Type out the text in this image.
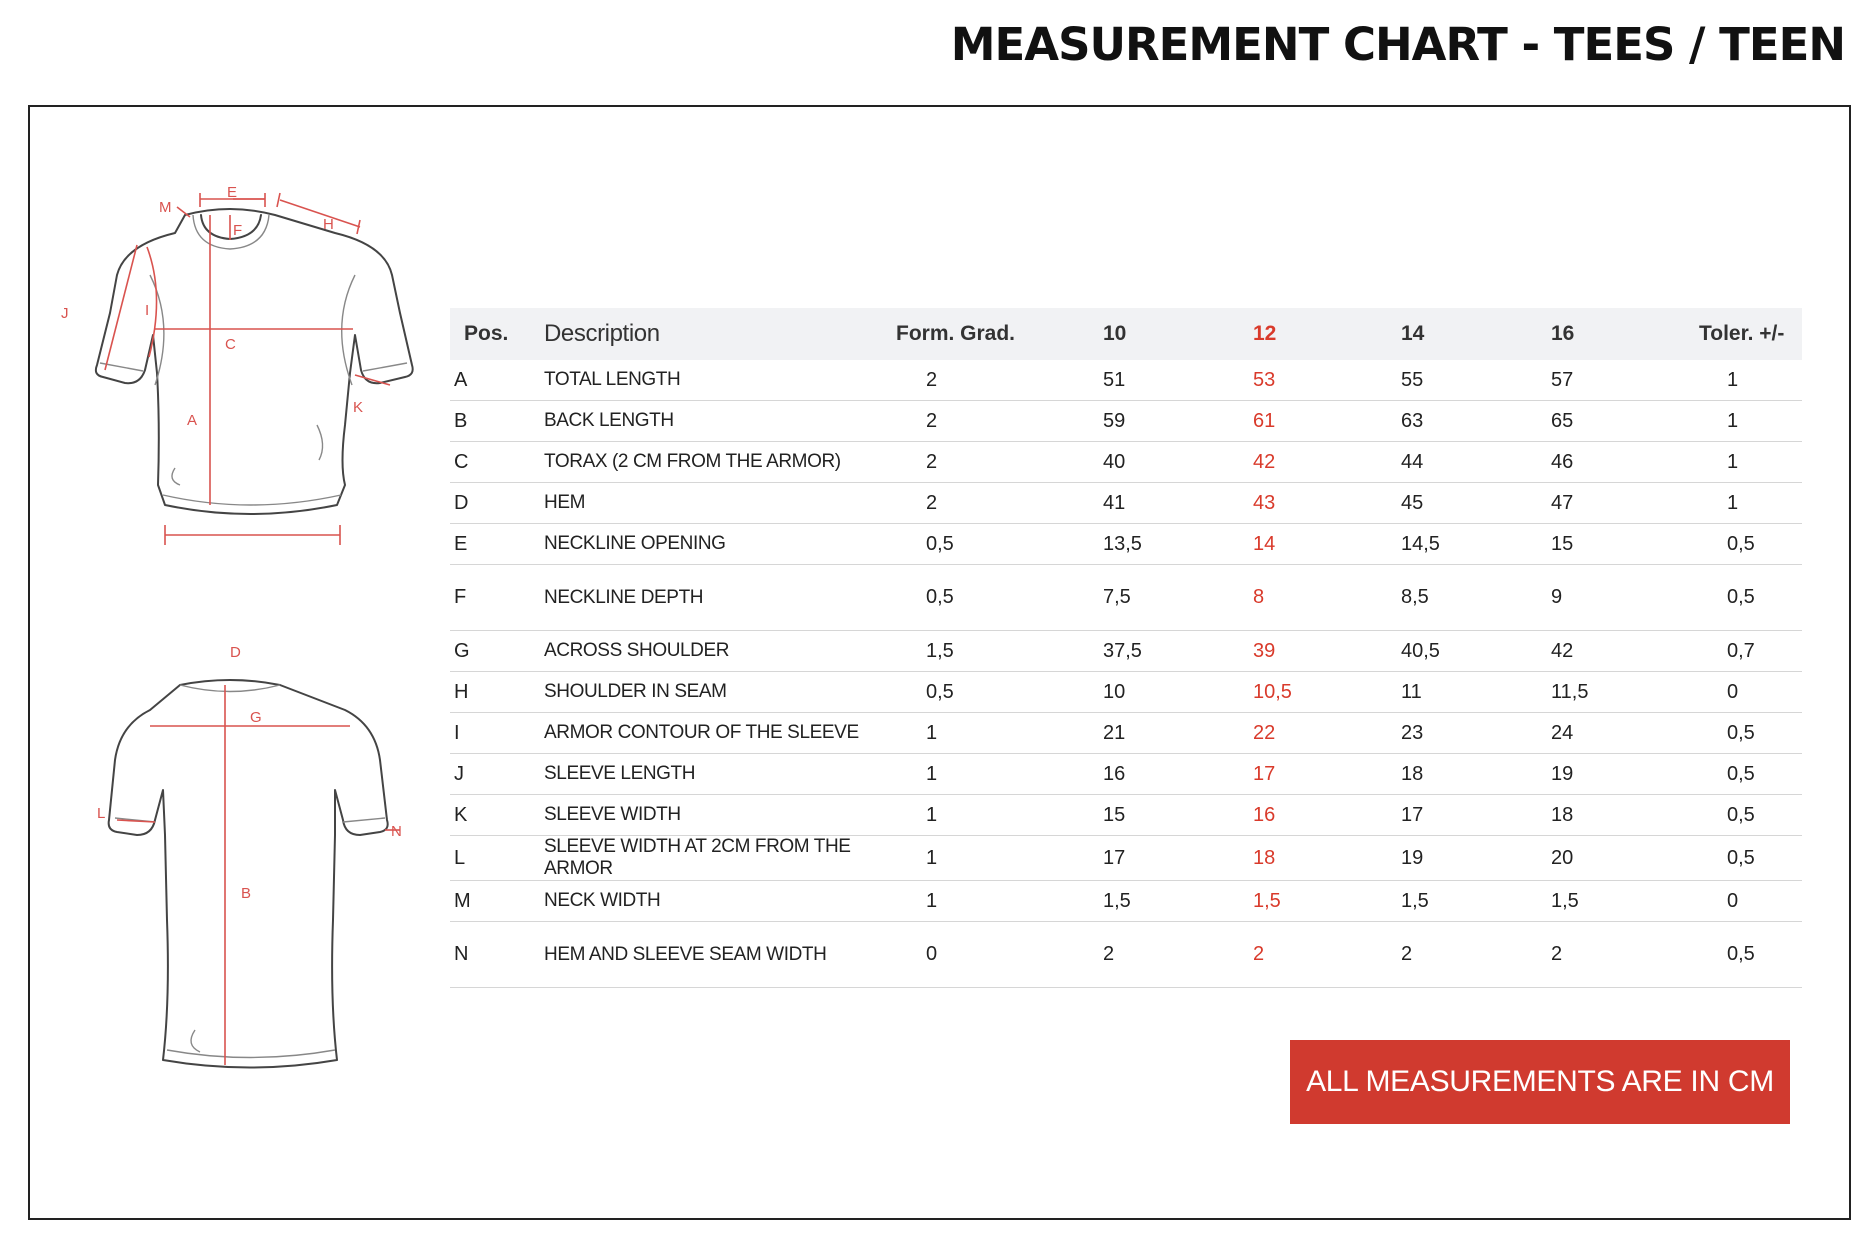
MEASUREMENT CHART - TEES / TEEN
E
M
F	H
J	I
C
A
K
D
G
L
N
B
Pos.	Description	Form. Grad.	10	12	14	16	Toler. +/-
A	TOTAL LENGTH	2	51	53	55	57	1
B	BACK LENGTH	2	59	61	63	65	1
C	TORAX (2 CM FROM THE ARMOR)	2	40	42	44	46	1
D	HEM	2	41	43	45	47	1
E	NECKLINE OPENING	0,5	13,5	14	14,5	15	0,5
F	NECKLINE DEPTH	0,5	7,5	8	8,5	9	0,5
G	ACROSS SHOULDER	1,5	37,5	39	40,5	42	0,7
H	SHOULDER IN SEAM	0,5	10	10,5	11	11,5	0
I	ARMOR CONTOUR OF THE SLEEVE	1	21	22	23	24	0,5
J	SLEEVE LENGTH	1	16	17	18	19	0,5
K	SLEEVE WIDTH	1	15	16	17	18	0,5
L	SLEEVE WIDTH AT 2CM FROM THE ARMOR	1	17	18	19	20	0,5
M	NECK WIDTH	1	1,5	1,5	1,5	1,5	0
N	HEM AND SLEEVE SEAM WIDTH	0	2	2	2	2	0,5
ALL MEASUREMENTS ARE IN CM
